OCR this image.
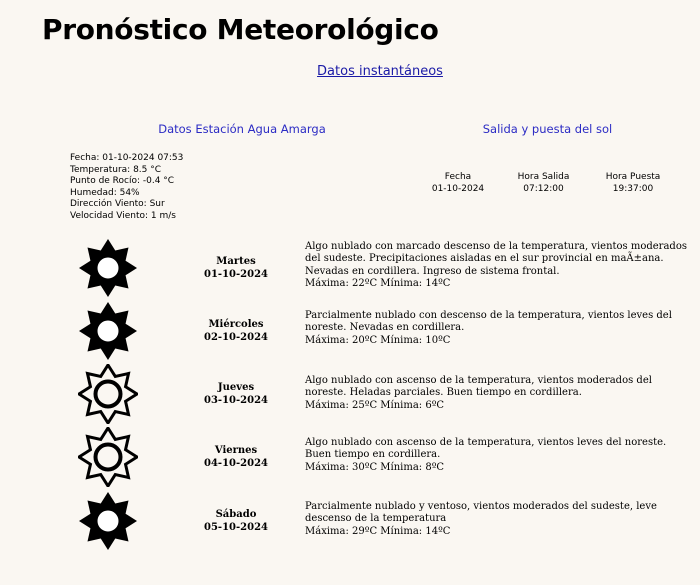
Pronóstico Meteorológico
Datos instantáneos
Datos Estación Agua Amarga	Salida y puesta del sol
Fecha: 01-10-2024 07:53
Temperatura: 8.5 °C
Punto de Rocío: -0.4 °C
Humedad: 54%
Dirección Viento: Sur
Velocidad Viento: 1 m/s
Fecha
01-10-2024
Hora Salida
07:12:00
Hora Puesta
19:37:00
Martes
01-10-2024
Algo nublado con marcado descenso de la temperatura, vientos moderados del sudeste. Precipitaciones aisladas en el sur provincial en maÃ±ana. Nevadas en cordillera. Ingreso de sistema frontal.
Máxima: 22ºC Mínima: 14ºC
Miércoles
02-10-2024
Parcialmente nublado con descenso de la temperatura, vientos leves del noreste. Nevadas en cordillera.
Máxima: 20ºC Mínima: 10ºC
Jueves
03-10-2024
Algo nublado con ascenso de la temperatura, vientos moderados del noreste. Heladas parciales. Buen tiempo en cordillera.
Máxima: 25ºC Mínima: 6ºC
Viernes
04-10-2024
Algo nublado con ascenso de la temperatura, vientos leves del noreste. Buen tiempo en cordillera.
Máxima: 30ºC Mínima: 8ºC
Sábado
05-10-2024
Parcialmente nublado y ventoso, vientos moderados del sudeste, leve descenso de la temperatura
Máxima: 29ºC Mínima: 14ºC
